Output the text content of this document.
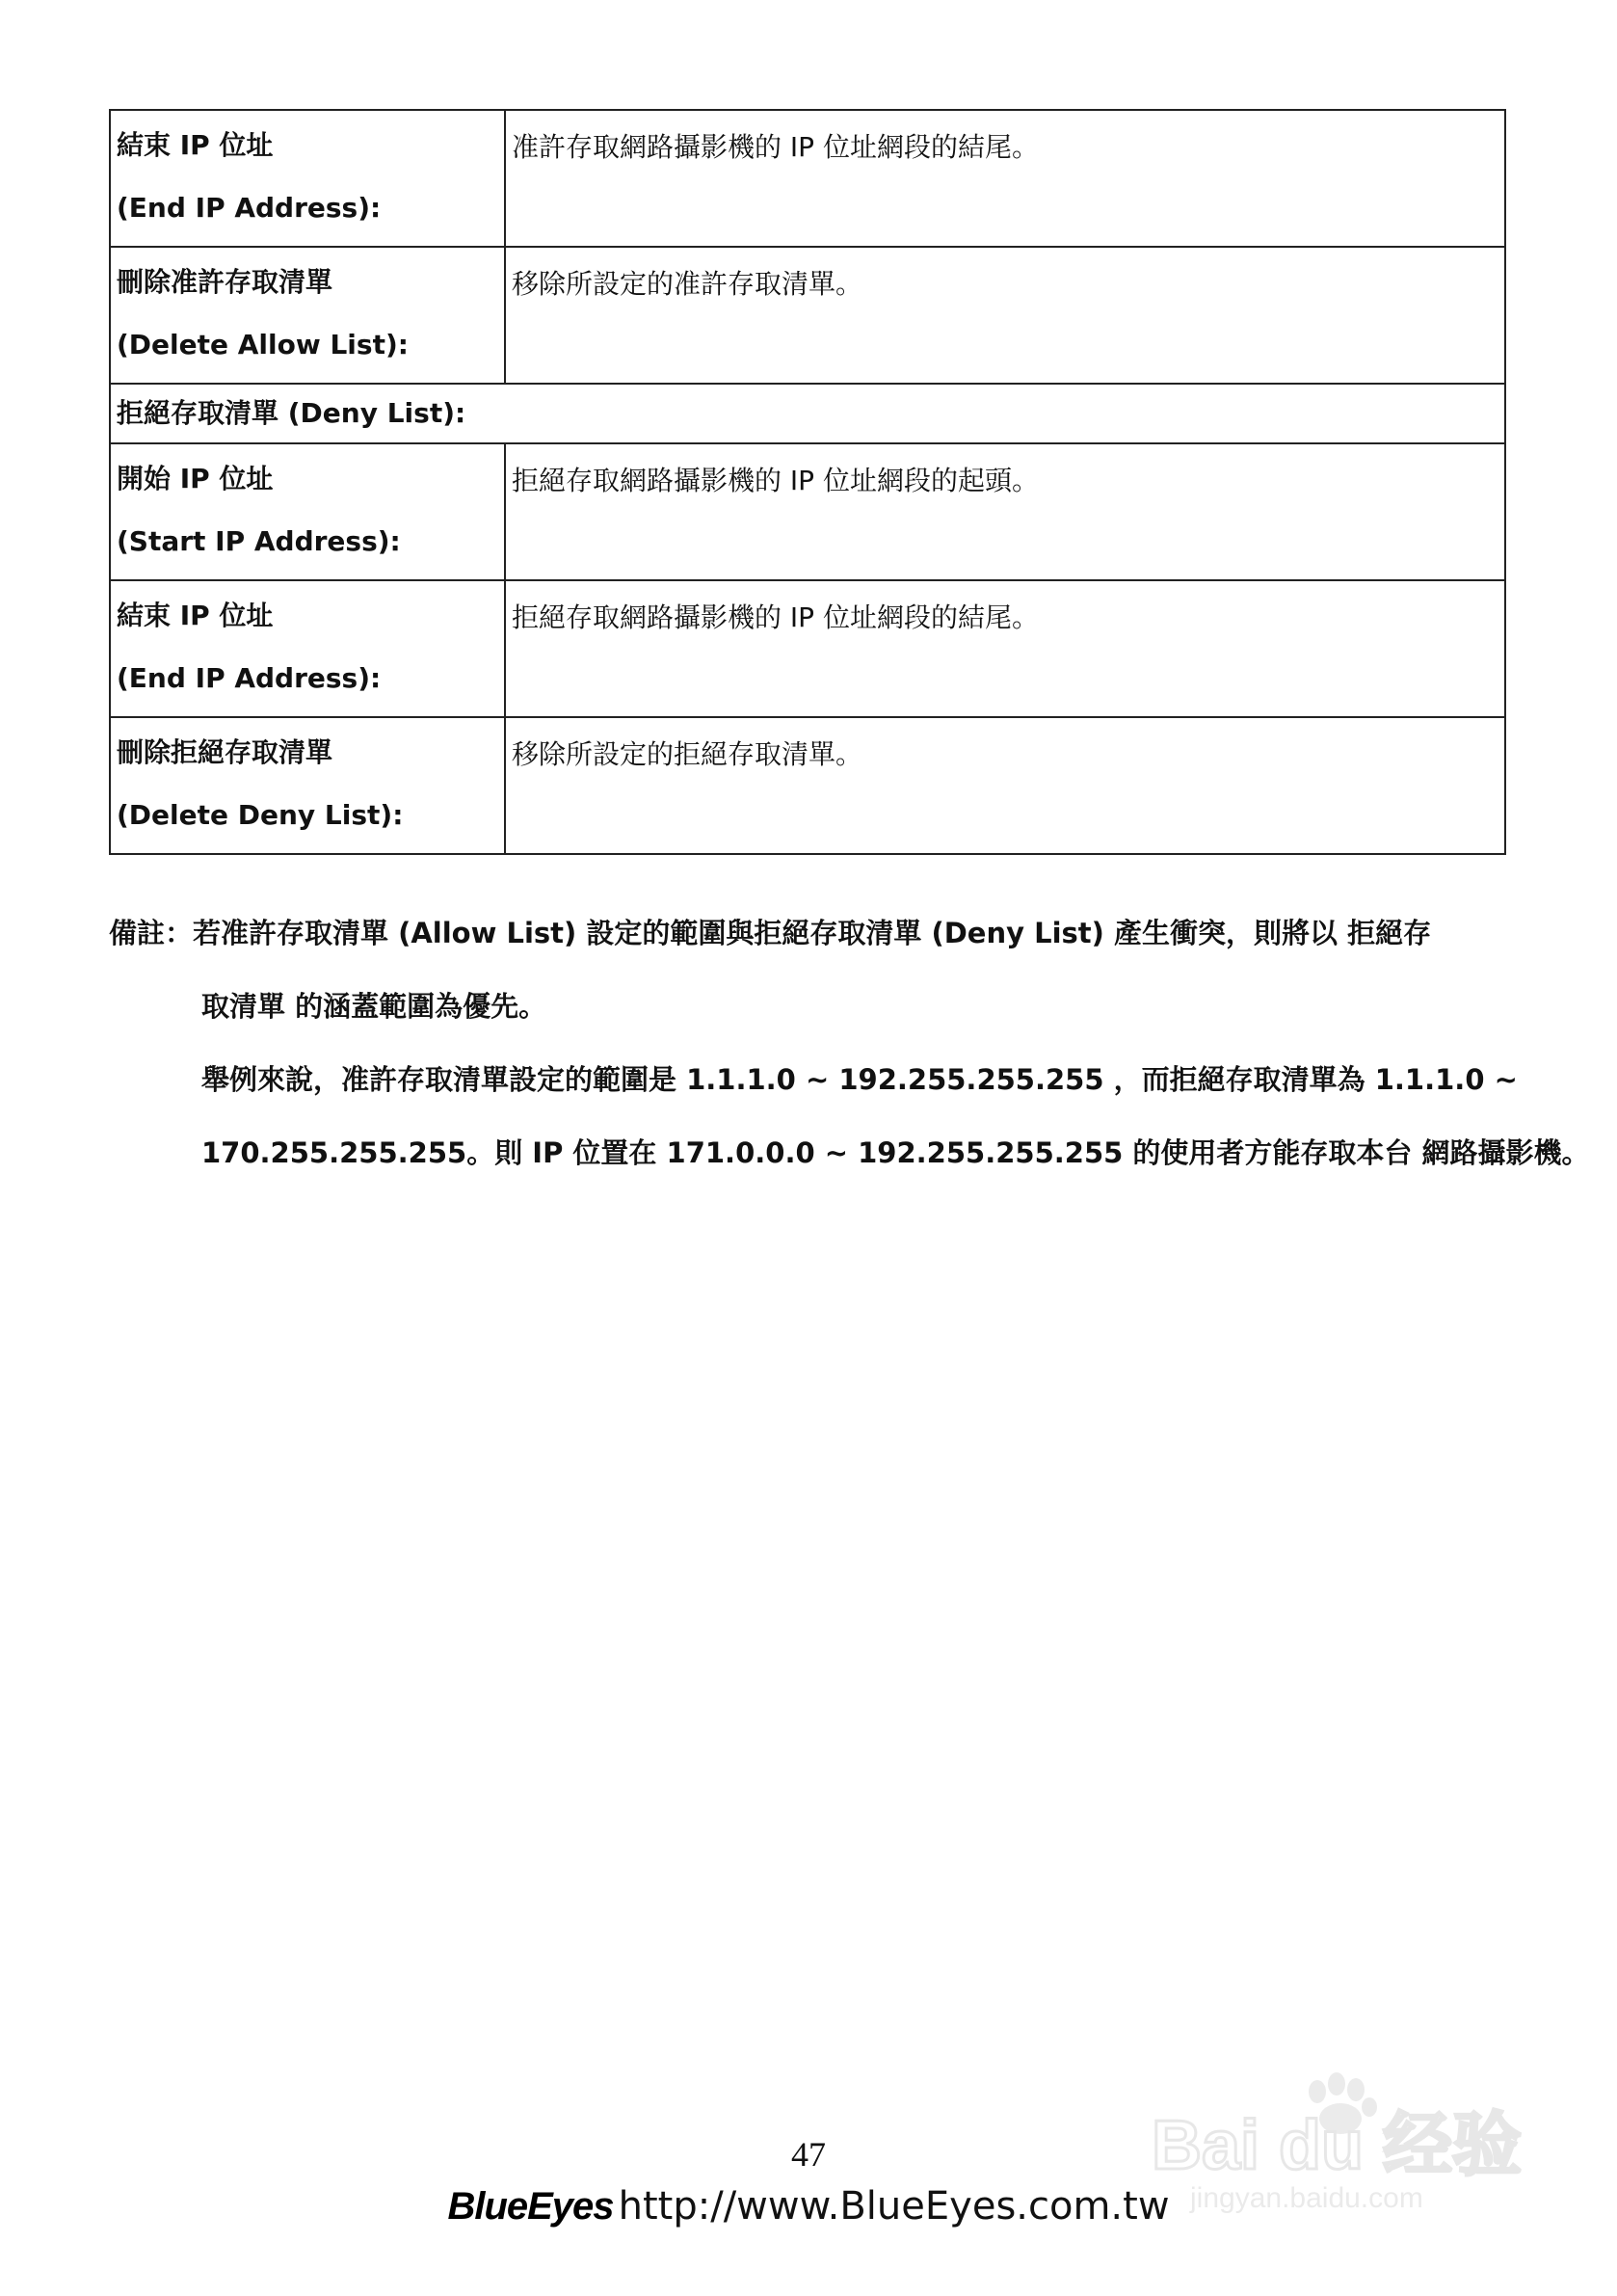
結束 IP 位址
(End IP Address):	准許存取網路攝影機的 IP 位址網段的結尾。

刪除准許存取清單
(Delete Allow List):	移除所設定的准許存取清單。
拒絕存取清單 (Deny List):	

開始 IP 位址
(Start IP Address):	拒絕存取網路攝影機的 IP 位址網段的起頭。

結束 IP 位址
(End IP Address):	拒絕存取網路攝影機的 IP 位址網段的結尾。

刪除拒絕存取清單
(Delete Deny List):	移除所設定的拒絕存取清單。
備註：若准許存取清單 (Allow List) 設定的範圍與拒絕存取清單 (Deny List) 產生衝突，則將以 拒絕存
取清單 的涵蓋範圍為優先。
舉例來說，准許存取清單設定的範圍是 1.1.1.0 ~ 192.255.255.255 ，而拒絕存取清單為 1.1.1.0 ~
170.255.255.255。則 IP 位置在 171.0.0.0 ~ 192.255.255.255 的使用者方能存取本台 網路攝影機。
47
BlueEyes http://www.BlueEyes.com.tw
Bai du 经验
jingyan.baidu.com
